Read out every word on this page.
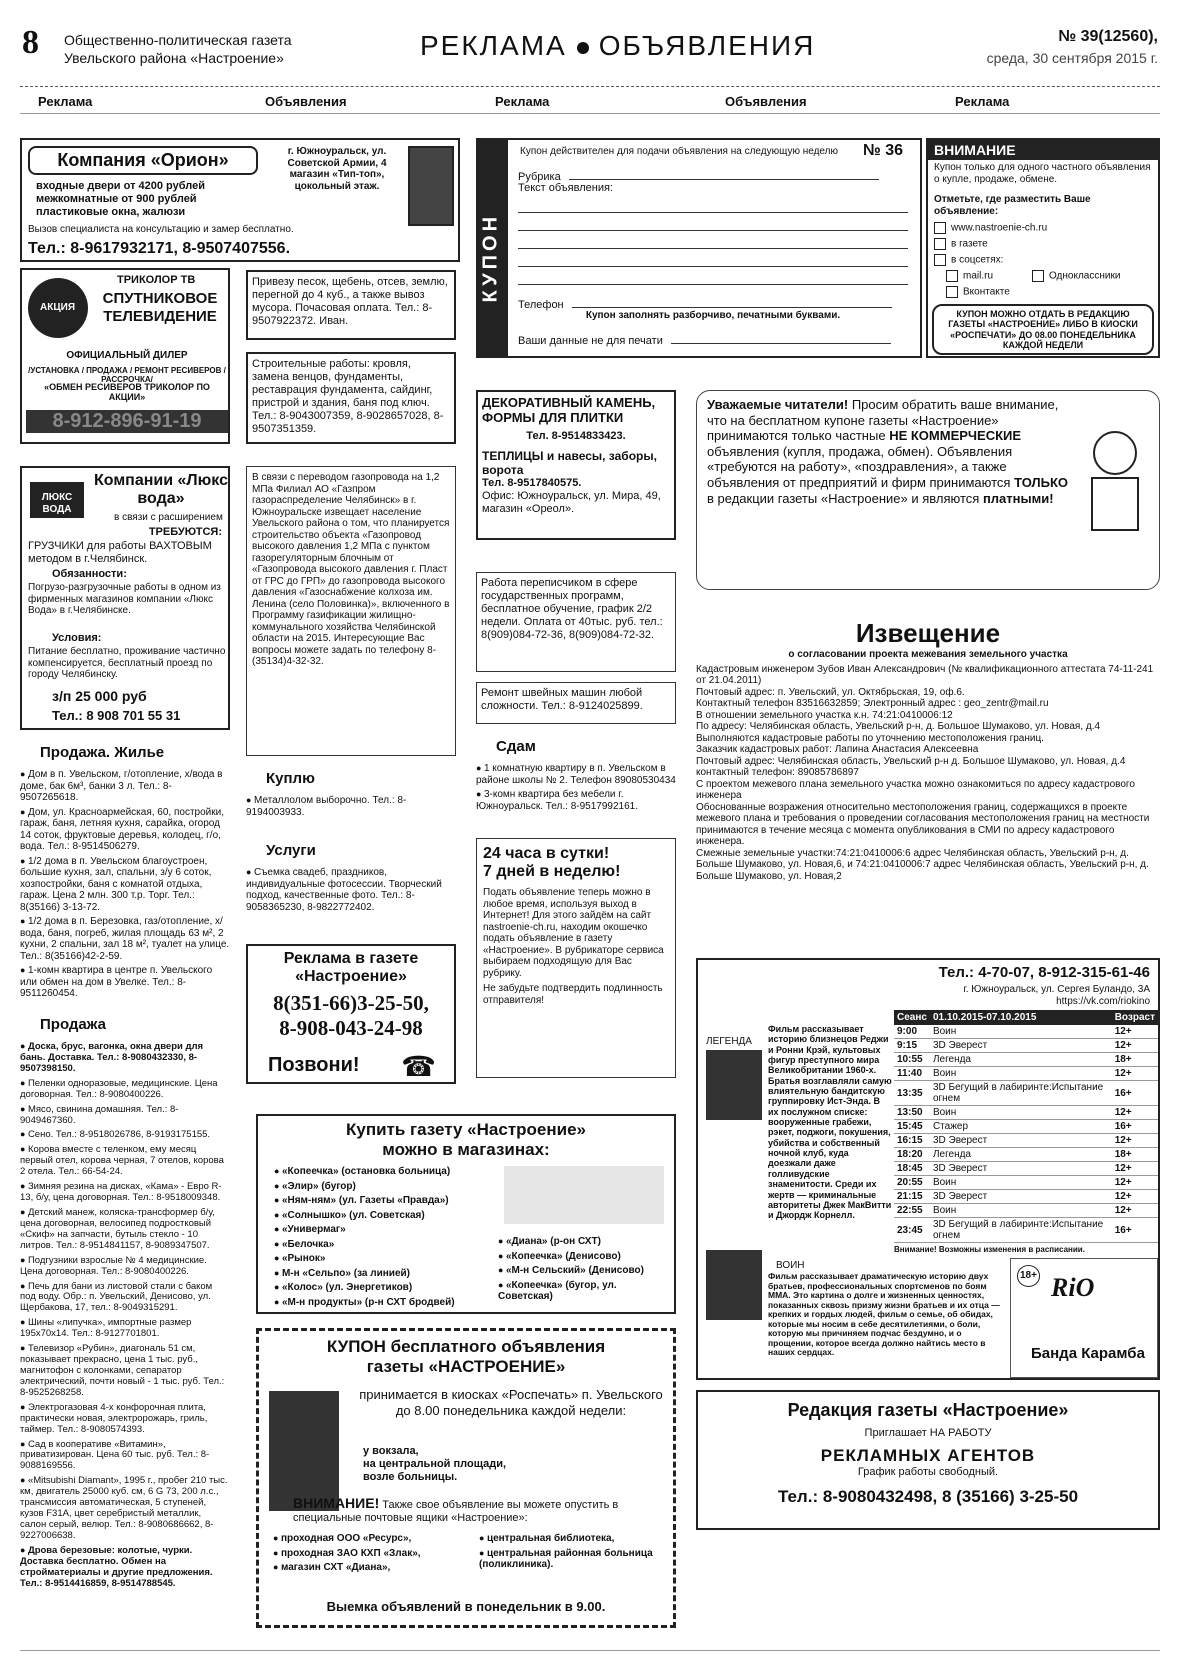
8 Общественно-политическая газета
Увельского района «Настроение»	РЕКЛАМА ОБЪЯВЛЕНИЯ	№ 39(12560),
среда, 30 сентября 2015 г.
Реклама	Объявления	Реклама	Объявления	Реклама
Компания «Орион»
входные двери от 4200 рублей
межкомнатные от 900 рублей
пластиковые окна, жалюзи
г. Южноуральск, ул. Советской Армии, 4 магазин «Тип-топ», цокольный этаж.
Вызов специалиста на консультацию и замер бесплатно.
Тел.: 8-9617932171, 8-9507407556.
АКЦИЯ
ТРИКОЛОР ТВ
СПУТНИКОВОЕ ТЕЛЕВИДЕНИЕ
ОФИЦИАЛЬНЫЙ ДИЛЕР
/УСТАНОВКА / ПРОДАЖА / РЕМОНТ РЕСИВЕРОВ / РАССРОЧКА/
«ОБМЕН РЕСИВЕРОВ ТРИКОЛОР ПО АКЦИИ»
8-912-896-91-19
Привезу песок, щебень, отсев, землю, перегной до 4 куб., а также вывоз мусора. Почасовая оплата. Тел.: 8-9507922372. Иван.
Строительные работы: кровля, замена венцов, фундаменты, реставрация фундамента, сайдинг, пристрой и здания, баня под ключ. Тел.: 8-9043007359, 8-9028657028, 8-9507351359.
КУПОН
Купон действителен для подачи объявления на следующую неделю	№ 36
Рубрика
Текст объявления:
Телефон
Купон заполнять разборчиво, печатными буквами.
Ваши данные не для печати
ВНИМАНИЕ
Купон только для одного частного объявления о купле, продаже, обмене.
Отметьте, где разместить Ваше объявление:
www.nastroenie-ch.ru
в газете
в соцсетях:
mail.ru	Одноклассники
Вконтакте
КУПОН МОЖНО ОТДАТЬ В РЕДАКЦИЮ ГАЗЕТЫ «НАСТРОЕНИЕ» ЛИБО В КИОСКИ «РОСПЕЧАТИ» ДО 08.00 ПОНЕДЕЛЬНИКА КАЖДОЙ НЕДЕЛИ
ДЕКОРАТИВНЫЙ КАМЕНЬ, ФОРМЫ ДЛЯ ПЛИТКИ
Тел. 8-9514833423.
ТЕПЛИЦЫ и навесы, заборы, ворота
Тел. 8-9517840575.
Офис: Южноуральск, ул. Мира, 49, магазин «Ореол».
Уважаемые читатели! Просим обратить ваше внимание, что на бесплатном купоне газеты «Настроение» принимаются только частные НЕ КОММЕРЧЕСКИЕ объявления (купля, продажа, обмен). Объявления «требуются на работу», «поздравления», а также объявления от предприятий и фирм принимаются ТОЛЬКО в редакции газеты «Настроение» и являются платными!
ЛЮКС ВОДА
Компании «Люкс вода»
в связи с расширением
ТРЕБУЮТСЯ:
ГРУЗЧИКИ для работы ВАХТОВЫМ методом в г.Челябинск.
Обязанности:
Погрузо-разгрузочные работы в одном из фирменных магазинов компании «Люкс Вода» в г.Челябинске.
Условия:
Питание бесплатно, проживание частично компенсируется, бесплатный проезд по городу Челябинску.
з/п 25 000 руб
Тел.: 8 908 701 55 31
В связи с переводом газопровода на 1,2 МПа Филиал АО «Газпром газораспределение Челябинск» в г. Южноуральске извещает население Увельского района о том, что планируется строительство объекта «Газопровод высокого давления 1,2 МПа с пунктом газорегуляторным блочным от «Газопровода высокого давления г. Пласт от ГРС до ГРП» до газопровода высокого давления «Газоснабжение колхоза им. Ленина (село Половинка)», включенного в Программу газификации жилищно-коммунального хозяйства Челябинской области на 2015. Интересующие Вас вопросы можете задать по телефону 8-(35134)4-32-32.
Работа переписчиком в сфере государственных программ, бесплатное обучение, график 2/2 недели. Оплата от 40тыс. руб. тел.: 8(909)084-72-36, 8(909)084-72-32.
Ремонт швейных машин любой сложности. Тел.: 8-9124025899.
Извещение
о согласовании проекта межевания земельного участка
Кадастровым инженером Зубов Иван Александрович (№ квалификационного аттестата 74-11-241 от 21.04.2011)
Почтовый адрес: п. Увельский, ул. Октябрьская, 19, оф.6.
Контактный телефон 83516632859; Электронный адрес : geo_zentr@mail.ru
В отношении земельного участка к.н. 74:21:0410006:12
По адресу: Челябинская область, Увельский р-н, д. Большое Шумаково, ул. Новая, д.4
Выполняются кадастровые работы по уточнению местоположения границ.
Заказчик кадастровых работ: Лапина Анастасия Алексеевна
Почтовый адрес: Челябинская область, Увельский р-н д. Большое Шумаково, ул. Новая, д.4
контактный телефон: 89085786897
С проектом межевого плана земельного участка можно ознакомиться по адресу кадастрового инженера
Обоснованные возражения относительно местоположения границ, содержащихся в проекте межевого плана и требования о проведении согласования местоположения границ на местности принимаются в течение месяца с момента опубликования в СМИ по адресу кадастрового инженера.
Смежные земельные участки:74:21:0410006:6 адрес Челябинская область, Увельский р-н, д. Больше Шумаково, ул. Новая,6, и 74:21:0410006:7 адрес Челябинская область, Увельский р-н, д. Больше Шумаково, ул. Новая,2
Продажа. Жилье
● Дом в п. Увельском, г/отопление, х/вода в доме, бак 6м³, банки 3 л. Тел.: 8-9507265618.
● Дом, ул. Красноармейская, 60, постройки, гараж, баня, летняя кухня, сарайка, огород 14 соток, фруктовые деревья, колодец, г/о, вода. Тел.: 8-9514506279.
● 1/2 дома в п. Увельском благоустроен, большие кухня, зал, спальни, з/у 6 соток, хозпостройки, баня с комнатой отдыха, гараж. Цена 2 млн. 300 т.р. Торг. Тел.: 8(35166) 3-13-72.
● 1/2 дома в п. Березовка, газ/отопление, х/вода, баня, погреб, жилая площадь 63 м², 2 кухни, 2 спальни, зал 18 м², туалет на улице. Тел.: 8(35166)42-2-59.
● 1-комн квартира в центре п. Увельского или обмен на дом в Увелке. Тел.: 8-9511260454.
Куплю
● Металлолом выборочно. Тел.: 8-9194003933.
Услуги
● Съемка свадеб, праздников, индивидуальные фотосессии. Творческий подход, качественные фото. Тел.: 8-9058365230, 8-9822772402.
Сдам
● 1 комнатную квартиру в п. Увельском в районе школы № 2. Телефон 89080530434
● 3-комн квартира без мебели г. Южноуральск. Тел.: 8-9517992161.
Реклама в газете «Настроение»
8(351-66)3-25-50,
8-908-043-24-98
Позвони! ☎
24 часа в сутки!
7 дней в неделю!
Подать объявление теперь можно в любое время, используя выход в Интернет! Для этого зайдём на сайт nastroenie-ch.ru, находим окошечко подать объявление в газету «Настроение». В рубрикаторе сервиса выбираем подходящую для Вас рубрику.
Не забудьте подтвердить подлинность отправителя!
Тел.: 4-70-07, 8-912-315-61-46
г. Южноуральск, ул. Сергея Буландо, 3А
https://vk.com/riokino
ЛЕГЕНДА
Фильм рассказывает историю близнецов Реджи и Ронни Крэй, культовых фигур преступного мира Великобритании 1960-х. Братья возглавляли самую влиятельную бандитскую группировку Ист-Энда. В их послужном списке: вооруженные грабежи, рэкет, поджоги, покушения, убийства и собственный ночной клуб, куда доезжали даже голливудские знаменитости. Среди их жертв — криминальные авторитеты Джек МакВитти и Джордж Корнелл.
Сеанс	01.10.2015-07.10.2015	Возраст
9:00	Воин	12+
9:15	3D Эверест	12+
10:55	Легенда	18+
11:40	Воин	12+
13:35	3D Бегущий в лабиринте:Испытание огнем	16+
13:50	Воин	12+
15:45	Стажер	16+
16:15	3D Эверест	12+
18:20	Легенда	18+
18:45	3D Эверест	12+
20:55	Воин	12+
21:15	3D Эверест	12+
22:55	Воин	12+
23:45	3D Бегущий в лабиринте:Испытание огнем	16+
Внимание! Возможны изменения в расписании.
ВОИН
Фильм рассказывает драматическую историю двух братьев, профессиональных спортсменов по боям ММА. Это картина о долге и жизненных ценностях, показанных сквозь призму жизни братьев и их отца — крепких и гордых людей, фильм о семье, об обидах, которые мы носим в себе десятилетиями, о боли, которую мы причиняем подчас бездумно, и о прощении, которое всегда должно найтись место в наших сердцах.
RiO
18+
Банда Карамба
Продажа
● Доска, брус, вагонка, окна двери для бань. Доставка. Тел.: 8-9080432330, 8-9507398150.
● Пеленки одноразовые, медицинские. Цена договорная. Тел.: 8-9080400226.
● Мясо, свинина домашняя. Тел.: 8-9049467360.
● Сено. Тел.: 8-9518026786, 8-9193175155.
● Корова вместе с теленком, ему месяц первый отел, корова черная, 7 отелов, корова 2 отела. Тел.: 66-54-24.
● Зимняя резина на дисках, «Кама» - Евро R-13, б/у, цена договорная. Тел.: 8-9518009348.
● Детский манеж, коляска-трансформер б/у, цена договорная, велосипед подростковый «Скиф» на запчасти, бутыль стекло - 10 литров. Тел.: 8-9514841157, 8-9089347507.
● Подгузники взрослые № 4 медицинские. Цена договорная. Тел.: 8-9080400226.
● Печь для бани из листовой стали с баком под воду. Обр.: п. Увельский, Денисово, ул. Щербакова, 17, тел.: 8-9049315291.
● Шины «липучка», импортные размер 195х70х14. Тел.: 8-9127701801.
● Телевизор «Рубин», диагональ 51 см, показывает прекрасно, цена 1 тыс. руб., магнитофон с колонками, сепаратор электрический, почти новый - 1 тыс. руб. Тел.: 8-9525268258.
● Электрогазовая 4-х конфорочная плита, практически новая, электророжарь, гриль, таймер. Тел.: 8-9080574393.
● Сад в кооперативе «Витамин», приватизирован. Цена 60 тыс. руб. Тел.: 8-9088169556.
● «Mitsubishi Diamant», 1995 г., пробег 210 тыс. км, двигатель 25000 куб. см, 6 G 73, 200 л.с., трансмиссия автоматическая, 5 ступеней, кузов F31A, цвет серебристый металлик, салон серый, велюр. Тел.: 8-9080686662, 8-9227006638.
● Дрова березовые: колотые, чурки. Доставка бесплатно. Обмен на стройматериалы и другие предложения. Тел.: 8-9514416859, 8-9514788545.
Купить газету «Настроение»
можно в магазинах:
● «Копеечка» (остановка больница)
● «Элир» (бугор)
● «Ням-ням» (ул. Газеты «Правда»)
● «Солнышко» (ул. Советская)
● «Универмаг»
● «Белочка»
● «Рынок»
● М-н «Сельпо» (за линией)
● «Колос» (ул. Энергетиков)
● «М-н продукты» (р-н СХТ бродвей)
● «Диана» (р-он СХТ)
● «Копеечка» (Денисово)
● «М-н Сельский» (Денисово)
● «Копеечка» (бугор, ул. Советская)
КУПОН бесплатного объявления
газеты «НАСТРОЕНИЕ»
принимается в киосках «Роспечать» п. Увельского до 8.00 понедельника каждой недели:
у вокзала,
на центральной площади,
возле больницы.
ВНИМАНИЕ! Также свое объявление вы можете опустить в специальные почтовые ящики «Настроение»:
● проходная ООО «Ресурс»,
● проходная ЗАО КХП «Злак»,
● магазин СХТ «Диана»,
● центральная библиотека,
● центральная районная больница (поликлиника).
Выемка объявлений в понедельник в 9.00.
Редакция газеты «Настроение»
Приглашает НА РАБОТУ
РЕКЛАМНЫХ АГЕНТОВ
График работы свободный.
Тел.: 8-9080432498, 8 (35166) 3-25-50
